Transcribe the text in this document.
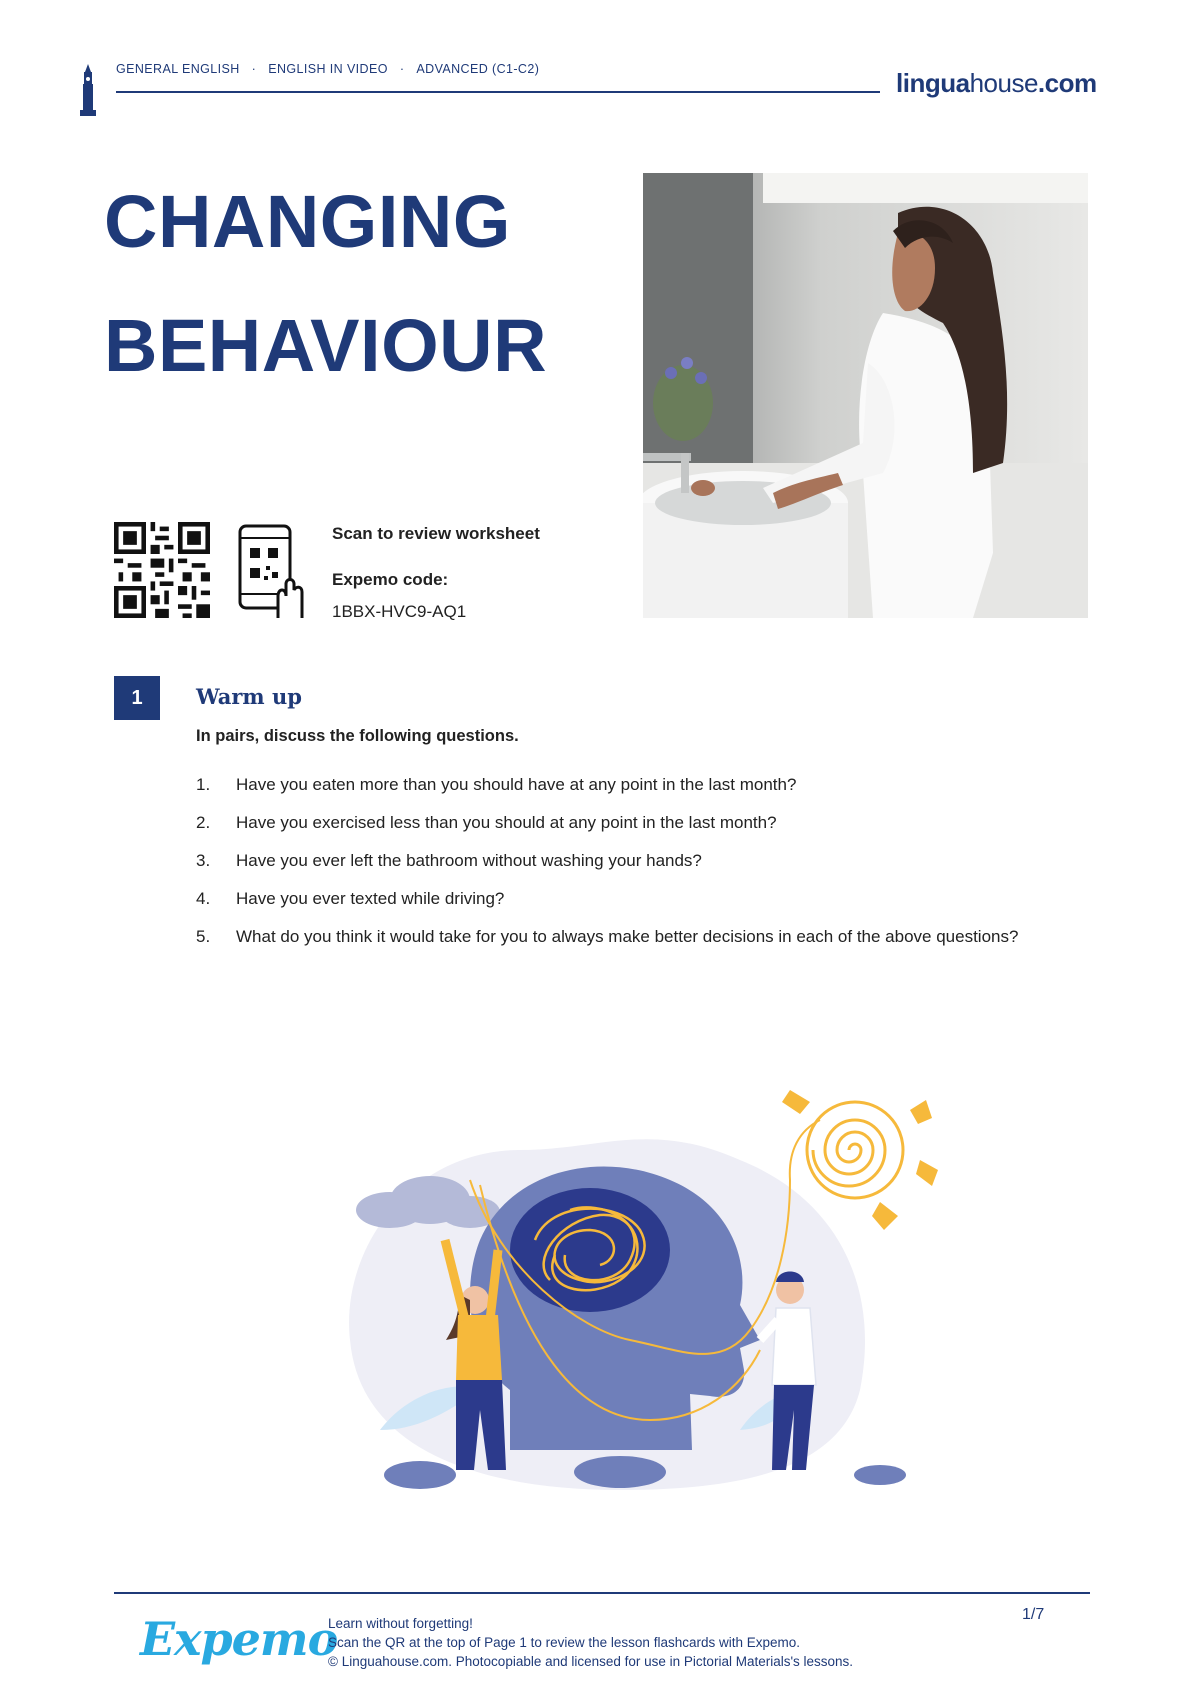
GENERAL ENGLISH · ENGLISH IN VIDEO · ADVANCED (C1-C2)	linguahouse.com
CHANGING
BEHAVIOUR
Scan to review worksheet
Expemo code:
1BBX-HVC9-AQ1
1	Warm up
In pairs, discuss the following questions.
1. Have you eaten more than you should have at any point in the last month?
2. Have you exercised less than you should at any point in the last month?
3. Have you ever left the bathroom without washing your hands?
4. Have you ever texted while driving?
5. What do you think it would take for you to always make better decisions in each of the above questions?
Expemo
Learn without forgetting!
Scan the QR at the top of Page 1 to review the lesson flashcards with Expemo.
© Linguahouse.com. Photocopiable and licensed for use in Pictorial Materials's lessons.
1/7
